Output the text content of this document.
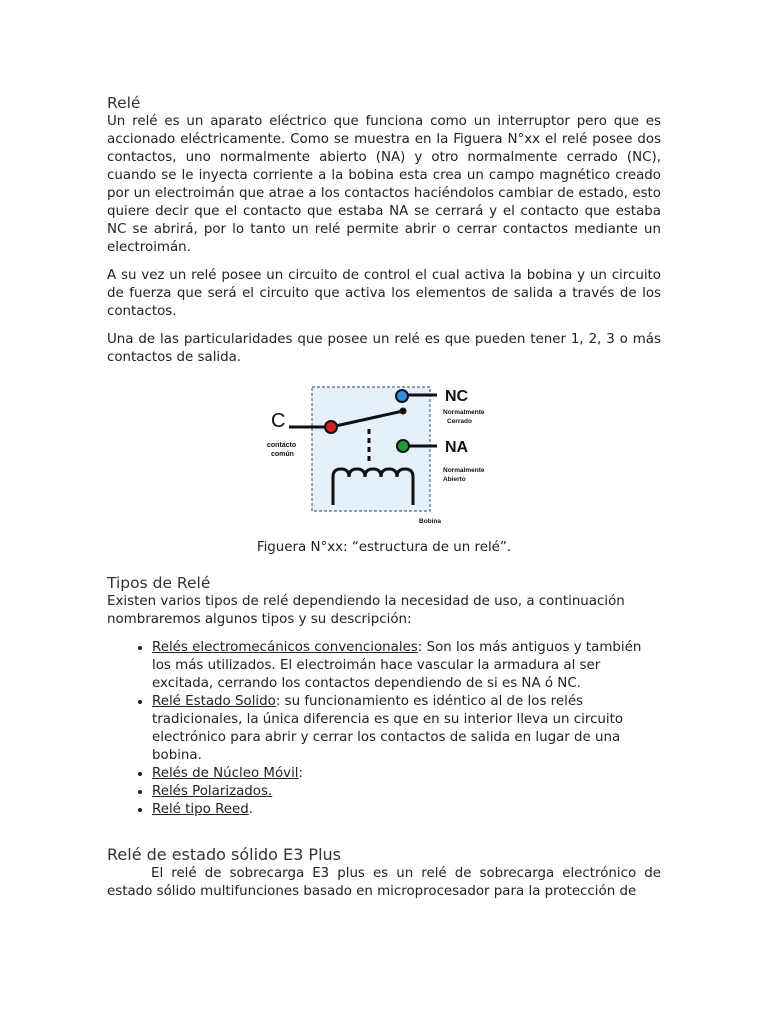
Relé

Un relé es un aparato eléctrico que funciona como un interruptor pero que es accionado eléctricamente. Como se muestra en la Figuera N°xx el relé posee dos contactos, uno normalmente abierto (NA) y otro normalmente cerrado (NC), cuando se le inyecta corriente a la bobina esta crea un campo magnético creado por un electroimán que atrae a los contactos haciéndolos cambiar de estado, esto quiere decir que el contacto que estaba NA se cerrará y el contacto que estaba NC se abrirá, por lo tanto un relé permite abrir o cerrar contactos mediante un electroimán.

A su vez un relé posee un circuito de control el cual activa la bobina y un circuito de fuerza que será el circuito que activa los elementos de salida a través de los contactos.

Una de las particularidades que posee un relé es que pueden tener 1, 2, 3 o más contactos de salida.

C
contacto
común
NC
Normalmente
Cerrado
NA
Normalmente
Abierto
Bobina
Figuera N°xx: “estructura de un relé”.
Tipos de Relé

Existen varios tipos de relé dependiendo la necesidad de uso, a continuación nombraremos algunos tipos y su descripción:

• Relés electromecánicos convencionales: Son los más antiguos y también los más utilizados. El electroimán hace vascular la armadura al ser excitada, cerrando los contactos dependiendo de si es NA ó NC.
• Relé Estado Solido: su funcionamiento es idéntico al de los relés tradicionales, la única diferencia es que en su interior lleva un circuito electrónico para abrir y cerrar los contactos de salida en lugar de una bobina.
• Relés de Núcleo Móvil:
• Relés Polarizados.
• Relé tipo Reed.
Relé de estado sólido E3 Plus

El relé de sobrecarga E3 plus es un relé de sobrecarga electrónico de estado sólido multifunciones basado en microprocesador para la protección de
